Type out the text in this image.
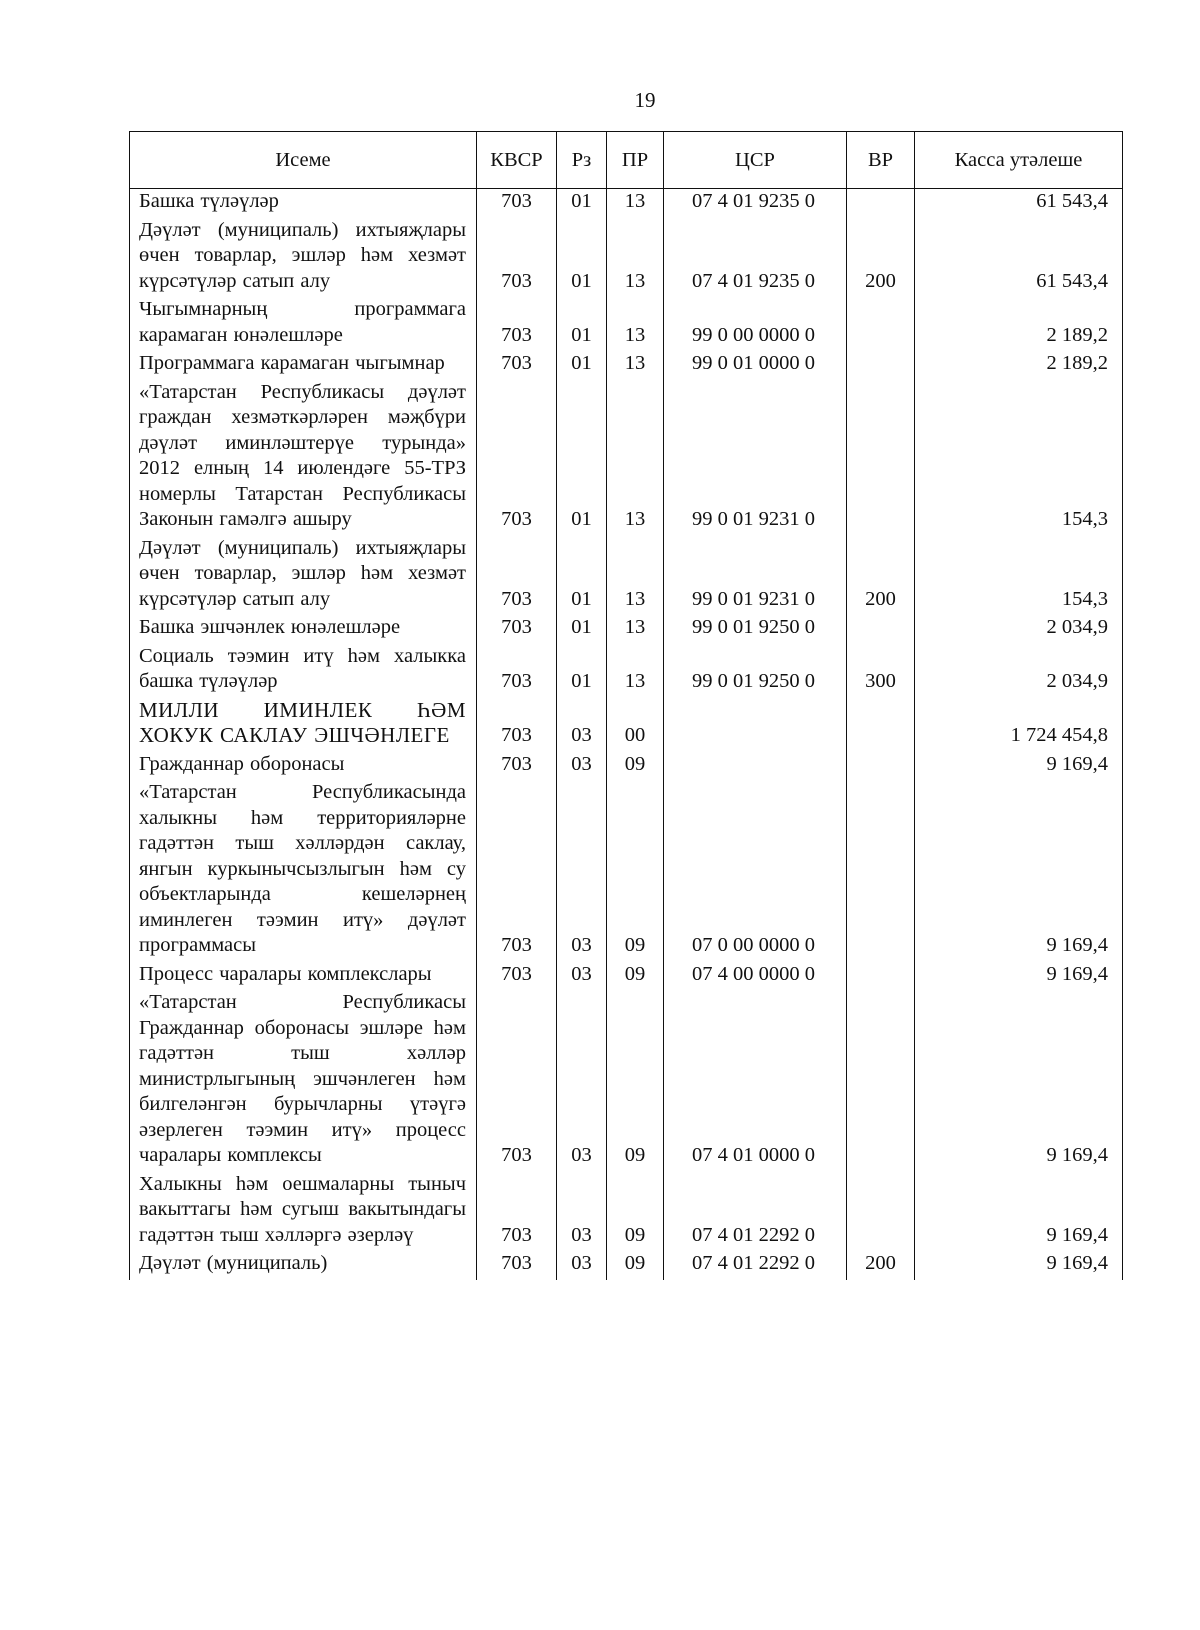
19
Исеме	КВСР	Рз	ПР	ЦСР	ВР	Касса утәлеше
Башка түләүләр	703	01	13	07 4 01 9235 0		61 543,4
Дәүләт (муниципаль) ихтыяҗлары өчен товарлар, эшләр һәм хезмәт күрсәтүләр сатып алу	703	01	13	07 4 01 9235 0	200	61 543,4
Чыгымнарның программага карамаган юнәлешләре	703	01	13	99 0 00 0000 0		2 189,2
Программага карамаган чыгымнар	703	01	13	99 0 01 0000 0		2 189,2
«Татарстан Республикасы дәүләт граждан хезмәткәрләрен мәҗбүри дәүләт иминләштерүе турында» 2012 елның 14 июлендәге 55-ТРЗ номерлы Татарстан Республикасы Законын гамәлгә ашыру	703	01	13	99 0 01 9231 0		154,3
Дәүләт (муниципаль) ихтыяҗлары өчен товарлар, эшләр һәм хезмәт күрсәтүләр сатып алу	703	01	13	99 0 01 9231 0	200	154,3
Башка эшчәнлек юнәлешләре	703	01	13	99 0 01 9250 0		2 034,9
Социаль тәэмин итү һәм халыкка башка түләүләр	703	01	13	99 0 01 9250 0	300	2 034,9
МИЛЛИ ИМИНЛЕК ҺӘМ ХОКУК САКЛАУ ЭШЧӘНЛЕГЕ	703	03	00			1 724 454,8
Гражданнар оборонасы	703	03	09			9 169,4
«Татарстан Республикасында халыкны һәм территорияләрне гадәттән тыш хәлләрдән саклау, янгын куркынычсызлыгын һәм су объектларында кешеләрнең иминлеген тәэмин итү» дәүләт программасы	703	03	09	07 0 00 0000 0		9 169,4
Процесс чаралары комплекслары	703	03	09	07 4 00 0000 0		9 169,4
«Татарстан Республикасы Гражданнар оборонасы эшләре һәм гадәттән тыш хәлләр министрлыгының эшчәнлеген һәм билгеләнгән бурычларны үтәүгә әзерлеген тәэмин итү» процесс чаралары комплексы	703	03	09	07 4 01 0000 0		9 169,4
Халыкны һәм оешмаларны тыныч вакыттагы һәм сугыш вакытындагы гадәттән тыш хәлләргә әзерләү	703	03	09	07 4 01 2292 0		9 169,4
Дәүләт (муниципаль)	703	03	09	07 4 01 2292 0	200	9 169,4
